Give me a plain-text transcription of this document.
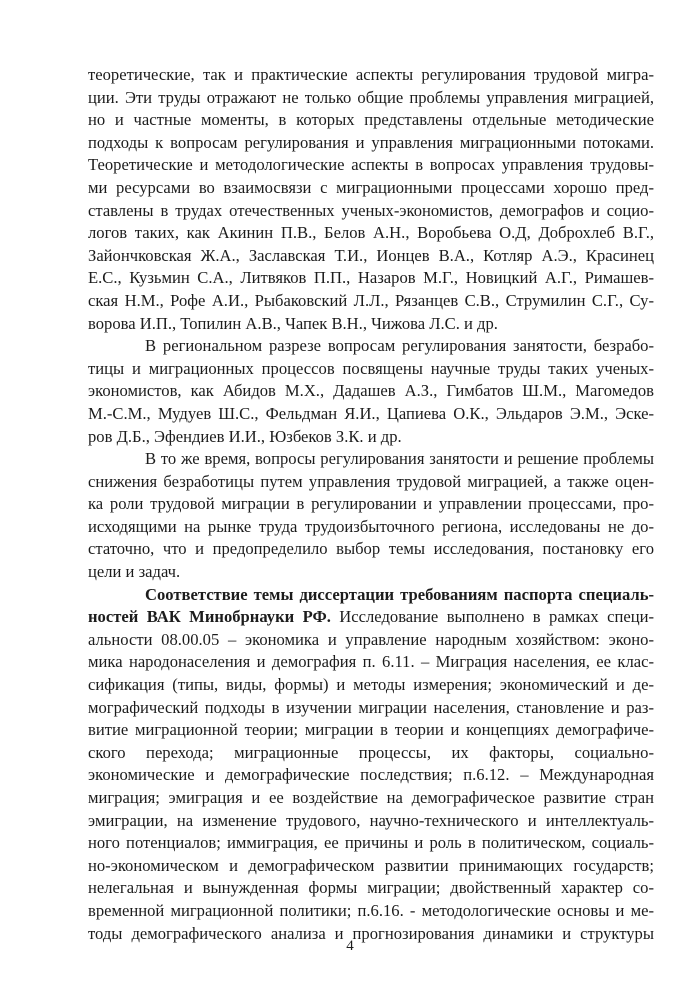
теоретические, так и практические аспекты регулирования трудовой мигра-
ции. Эти труды отражают не только общие проблемы управления миграцией,
но и частные моменты, в которых представлены отдельные методические
подходы к вопросам регулирования и управления миграционными потоками.
Теоретические и методологические аспекты в вопросах управления трудовы-
ми ресурсами во взаимосвязи с миграционными процессами хорошо пред-
ставлены в трудах отечественных ученых-экономистов, демографов и социо-
логов таких, как Акинин П.В., Белов А.Н., Воробьева О.Д, Доброхлеб В.Г.,
Зайончковская Ж.А., Заславская Т.И., Ионцев В.А., Котляр А.Э., Красинец
Е.С., Кузьмин С.А., Литвяков П.П., Назаров М.Г., Новицкий А.Г., Римашев-
ская Н.М., Рофе А.И., Рыбаковский Л.Л., Рязанцев С.В., Струмилин С.Г., Су-
ворова И.П., Топилин А.В., Чапек В.Н., Чижова Л.С. и др.
В региональном разрезе вопросам регулирования занятости, безрабо-
тицы и миграционных процессов посвящены научные труды таких ученых-
экономистов, как Абидов М.Х., Дадашев А.З., Гимбатов Ш.М., Магомедов
М.-С.М., Мудуев Ш.С., Фельдман Я.И., Цапиева О.К., Эльдаров Э.М., Эске-
ров Д.Б., Эфендиев И.И., Юзбеков З.К. и др.
В то же время, вопросы регулирования занятости и решение проблемы
снижения безработицы путем управления трудовой миграцией, а также оцен-
ка роли трудовой миграции в регулировании и управлении процессами, про-
исходящими на рынке труда трудоизбыточного региона, исследованы не до-
статочно, что и предопределило выбор темы исследования, постановку его
цели и задач.
Соответствие темы диссертации требованиям паспорта специаль-
ностей ВАК Минобрнауки РФ. Исследование выполнено в рамках специ-
альности 08.00.05 – экономика и управление народным хозяйством: эконо-
мика народонаселения и демография п. 6.11. – Миграция населения, ее клас-
сификация (типы, виды, формы) и методы измерения; экономический и де-
мографический подходы в изучении миграции населения, становление и раз-
витие миграционной теории; миграции в теории и концепциях демографиче-
ского перехода; миграционные процессы, их факторы, социально-
экономические и демографические последствия; п.6.12. – Международная
миграция; эмиграция и ее воздействие на демографическое развитие стран
эмиграции, на изменение трудового, научно-технического и интеллектуаль-
ного потенциалов; иммиграция, ее причины и роль в политическом, социаль-
но-экономическом и демографическом развитии принимающих государств;
нелегальная и вынужденная формы миграции; двойственный характер со-
временной миграционной политики; п.6.16. - методологические основы и ме-
тоды демографического анализа и прогнозирования динамики и структуры
4
